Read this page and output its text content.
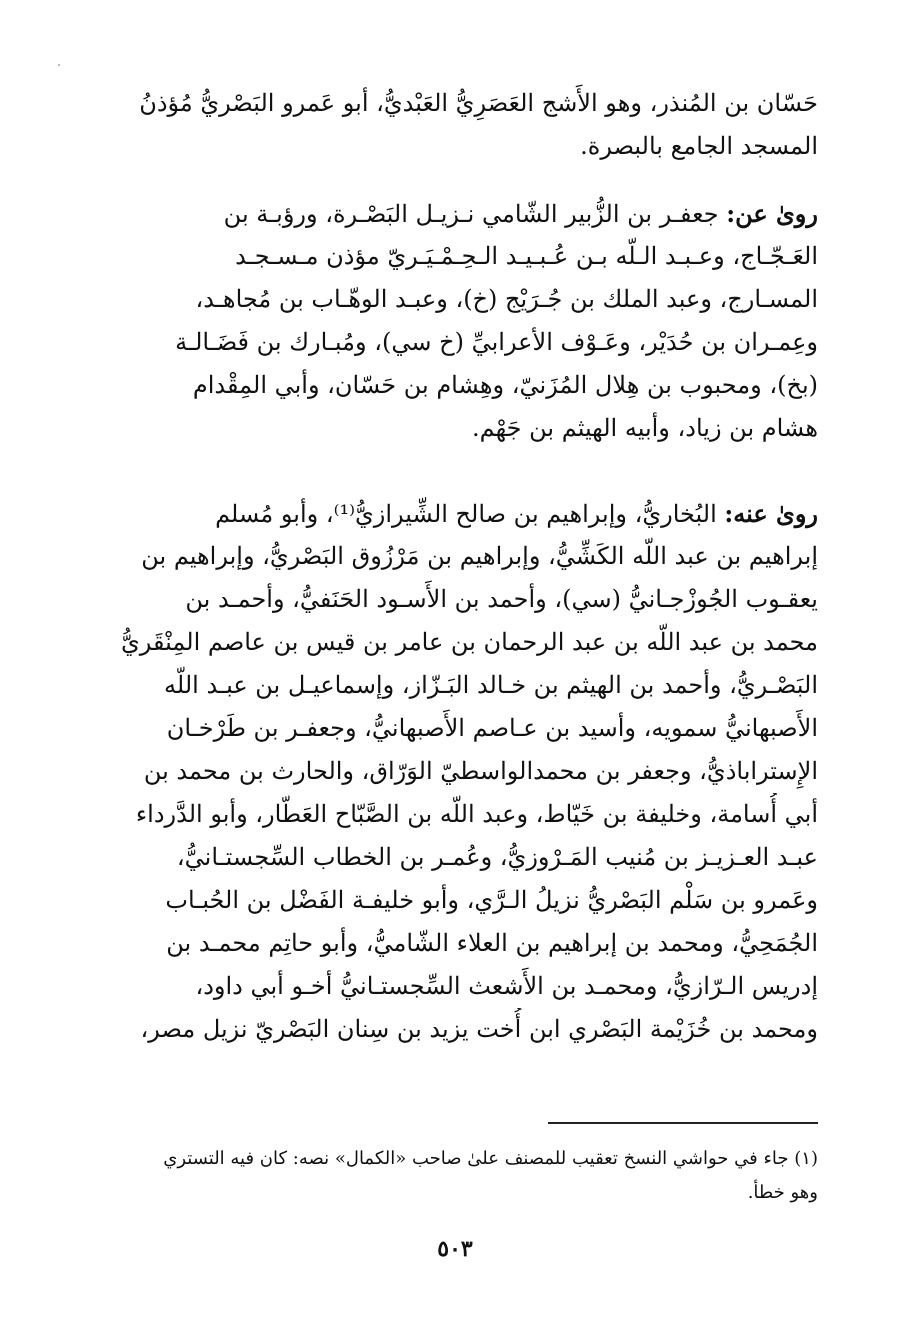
حَسّان بن المُنذر، وهو الأَشج العَصَرِيُّ العَبْديُّ، أبو عَمرو البَصْريُّ مُؤذنُ
المسجد الجامع بالبصرة.
روىٰ عن: جعفـر بن الزُّبير الشّامي نـزيـل البَصْـرة، ورؤبـة بن
العَـجّـاج، وعـبـد الـلّه بـن عُـبـيـد الـحِـمْـيَـريّ مؤذن مـسـجـد
المسـارج، وعبد الملك بن جُـرَيْج (خ)، وعبـد الوهّـاب بن مُجاهـد،
وعِمـران بن حُدَيْر، وعَـوْف الأعرابيِّ (خ سي)، ومُبـارك بن فَضَـالـة
(بخ)، ومحبوب بن هِلال المُزَنيّ، وهِشام بن حَسّان، وأبي المِقْدام
هشام بن زياد، وأبيه الهيثم بن جَهْم.
روىٰ عنه: البُخاريُّ، وإبراهيم بن صالح الشِّيرازيُّ⁽¹⁾، وأبو مُسلم
إبراهيم بن عبد اللّه الكَشِّيُّ، وإبراهيم بن مَرْزُوق البَصْريُّ، وإبراهيم بن
يعقـوب الجُوزْجـانيُّ (سي)، وأحمد بن الأَسـود الحَنَفيُّ، وأحمـد بن
محمد بن عبد اللّه بن عبد الرحمان بن عامر بن قيس بن عاصم المِنْقَريُّ
البَصْـريُّ، وأحمد بن الهيثم بن خـالد البَـزّاز، وإسماعيـل بن عبـد اللّه
الأَصبهانيُّ سمويه، وأسيد بن عـاصم الأَصبهانيُّ، وجعفـر بن طَرْخـان
الإِستراباذيُّ، وجعفر بن محمدالواسطيّ الوَرّاق، والحارث بن محمد بن
أبي أُسامة، وخليفة بن خَيّاط، وعبد اللّه بن الصَّبّاح العَطّار، وأبو الدَّرداء
عبـد العـزيـز بن مُنيب المَـرْوزيُّ، وعُمـر بن الخطاب السِّجستـانيُّ،
وعَمرو بن سَلْم البَصْريُّ نزيلُ الـرَّي، وأبو خليفـة الفَضْل بن الحُبـاب
الجُمَحِيُّ، ومحمد بن إبراهيم بن العلاء الشّاميُّ، وأبو حاتِم محمـد بن
إدريس الـرّازيُّ، ومحمـد بن الأَشعث السِّجستـانيُّ أخـو أبي داود،
ومحمد بن خُزَيْمة البَصْري ابن أُخت يزيد بن سِنان البَصْريّ نزيل مصر،
(١) جاء في حواشي النسخ تعقيب للمصنف علىٰ صاحب «الكمال» نصه: كان فيه التستري
وهو خطأ.
٥٠٣
